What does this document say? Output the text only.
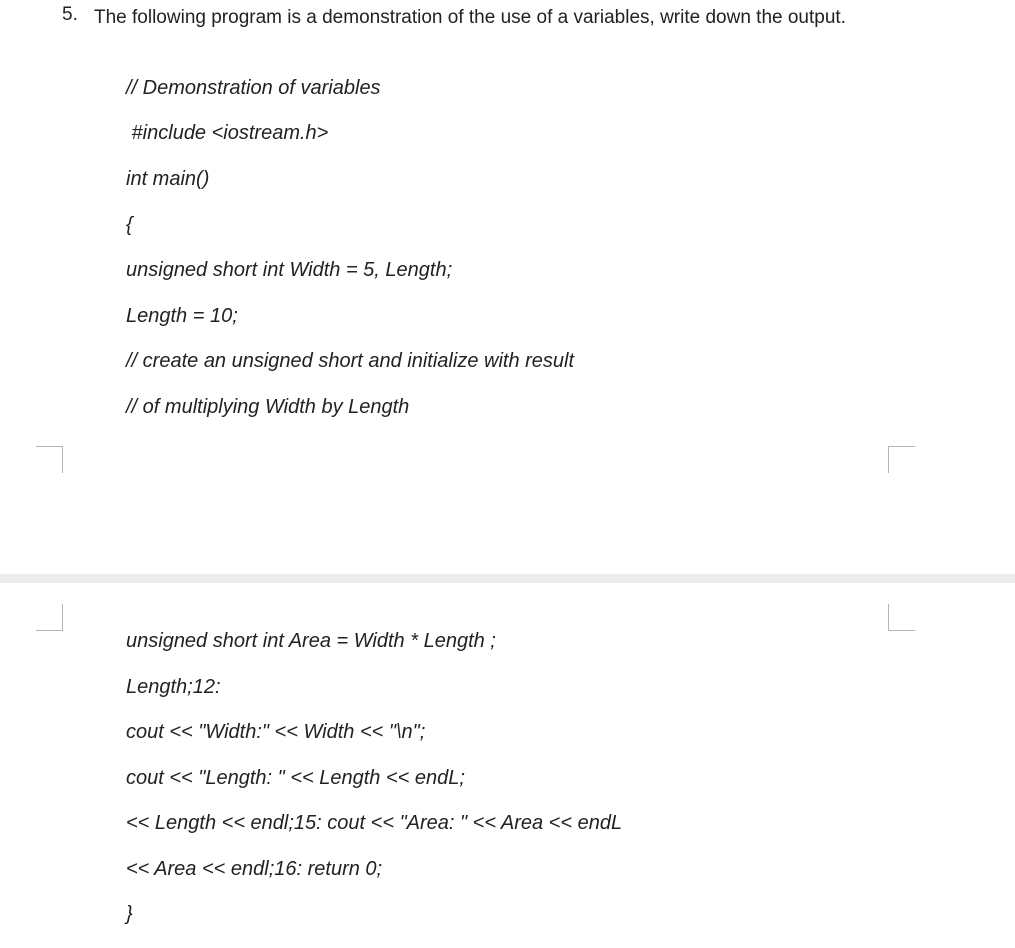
5. The following program is a demonstration of the use of a variables, write down the output.
// Demonstration of variables
#include <iostream.h>
int main()
{
unsigned short int Width = 5, Length;
Length = 10;
// create an unsigned short and initialize with result
// of multiplying Width by Length
unsigned short int Area = Width * Length ;
Length;12:
cout << "Width:" << Width << "\n";
cout << "Length: " << Length << endL;
<< Length << endl;15: cout << "Area: " << Area << endL
<< Area << endl;16: return 0;
}
